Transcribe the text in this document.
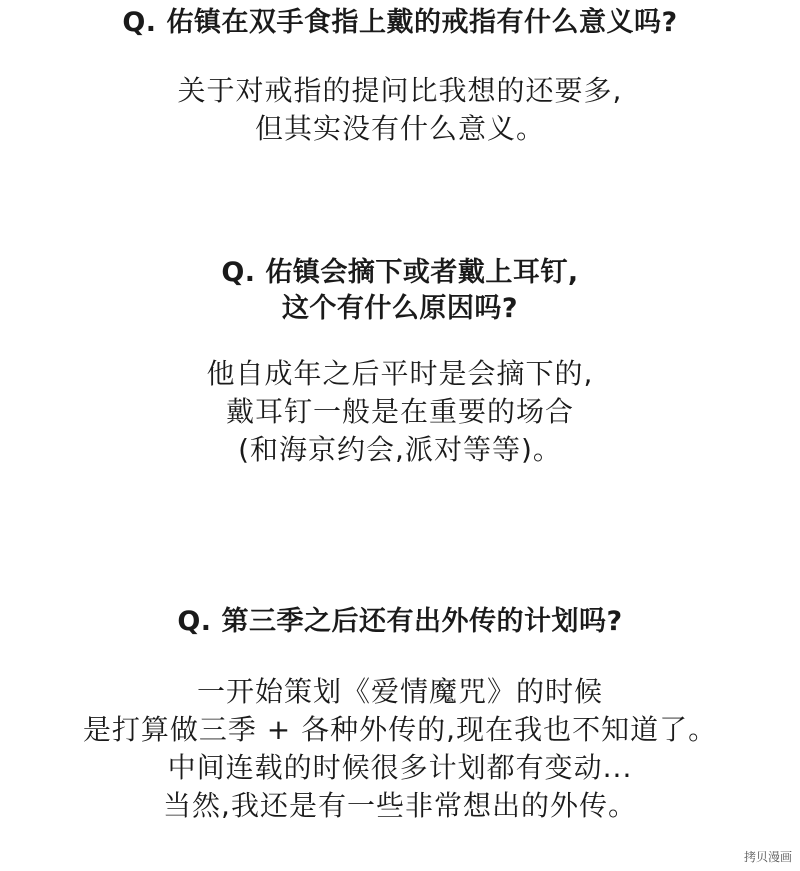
Q. 佑镇在双手食指上戴的戒指有什么意义吗?
关于对戒指的提问比我想的还要多,
但其实没有什么意义。
Q. 佑镇会摘下或者戴上耳钉,
这个有什么原因吗?
他自成年之后平时是会摘下的,
戴耳钉一般是在重要的场合
(和海京约会,派对等等)。
Q. 第三季之后还有出外传的计划吗?
一开始策划《爱情魔咒》的时候
是打算做三季 + 各种外传的,现在我也不知道了。
中间连载的时候很多计划都有变动...
当然,我还是有一些非常想出的外传。
拷贝漫画
